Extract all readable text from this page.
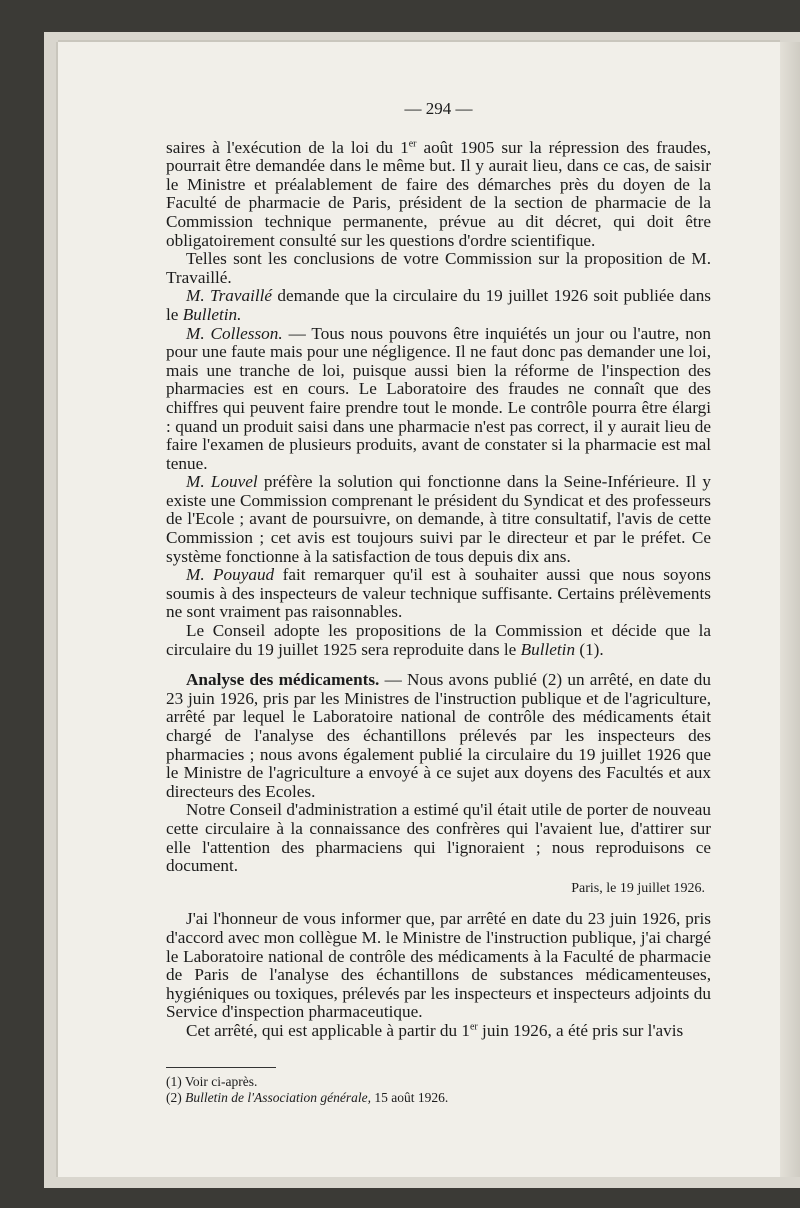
— 294 —

saires à l'exécution de la loi du 1er août 1905 sur la répression des fraudes, pourrait être demandée dans le même but. Il y aurait lieu, dans ce cas, de saisir le Ministre et préalablement de faire des démarches près du doyen de la Faculté de pharmacie de Paris, président de la section de pharmacie de la Commission technique permanente, prévue au dit décret, qui doit être obligatoirement consulté sur les questions d'ordre scientifique.

Telles sont les conclusions de votre Commission sur la proposition de M. Travaillé.

M. Travaillé demande que la circulaire du 19 juillet 1926 soit publiée dans le Bulletin.

M. Collesson. — Tous nous pouvons être inquiétés un jour ou l'autre, non pour une faute mais pour une négligence. Il ne faut donc pas demander une loi, mais une tranche de loi, puisque aussi bien la réforme de l'inspection des pharmacies est en cours. Le Laboratoire des fraudes ne connaît que des chiffres qui peuvent faire prendre tout le monde. Le contrôle pourra être élargi : quand un produit saisi dans une pharmacie n'est pas correct, il y aurait lieu de faire l'examen de plusieurs produits, avant de constater si la pharmacie est mal tenue.

M. Louvel préfère la solution qui fonctionne dans la Seine-Inférieure. Il y existe une Commission comprenant le président du Syndicat et des professeurs de l'Ecole ; avant de poursuivre, on demande, à titre consultatif, l'avis de cette Commission ; cet avis est toujours suivi par le directeur et par le préfet. Ce système fonctionne à la satisfaction de tous depuis dix ans.

M. Pouyaud fait remarquer qu'il est à souhaiter aussi que nous soyons soumis à des inspecteurs de valeur technique suffisante. Certains prélèvements ne sont vraiment pas raisonnables.

Le Conseil adopte les propositions de la Commission et décide que la circulaire du 19 juillet 1925 sera reproduite dans le Bulletin (1).

Analyse des médicaments. — Nous avons publié (2) un arrêté, en date du 23 juin 1926, pris par les Ministres de l'instruction publique et de l'agriculture, arrêté par lequel le Laboratoire national de contrôle des médicaments était chargé de l'analyse des échantillons prélevés par les inspecteurs des pharmacies ; nous avons également publié la circulaire du 19 juillet 1926 que le Ministre de l'agriculture a envoyé à ce sujet aux doyens des Facultés et aux directeurs des Ecoles.

Notre Conseil d'administration a estimé qu'il était utile de porter de nouveau cette circulaire à la connaissance des confrères qui l'avaient lue, d'attirer sur elle l'attention des pharmaciens qui l'ignoraient ; nous reproduisons ce document.

Paris, le 19 juillet 1926.

J'ai l'honneur de vous informer que, par arrêté en date du 23 juin 1926, pris d'accord avec mon collègue M. le Ministre de l'instruction publique, j'ai chargé le Laboratoire national de contrôle des médicaments à la Faculté de pharmacie de Paris de l'analyse des échantillons de substances médicamenteuses, hygiéniques ou toxiques, prélevés par les inspecteurs et inspecteurs adjoints du Service d'inspection pharmaceutique.

Cet arrêté, qui est applicable à partir du 1er juin 1926, a été pris sur l'avis

(1) Voir ci-après.

(2) Bulletin de l'Association générale, 15 août 1926.
